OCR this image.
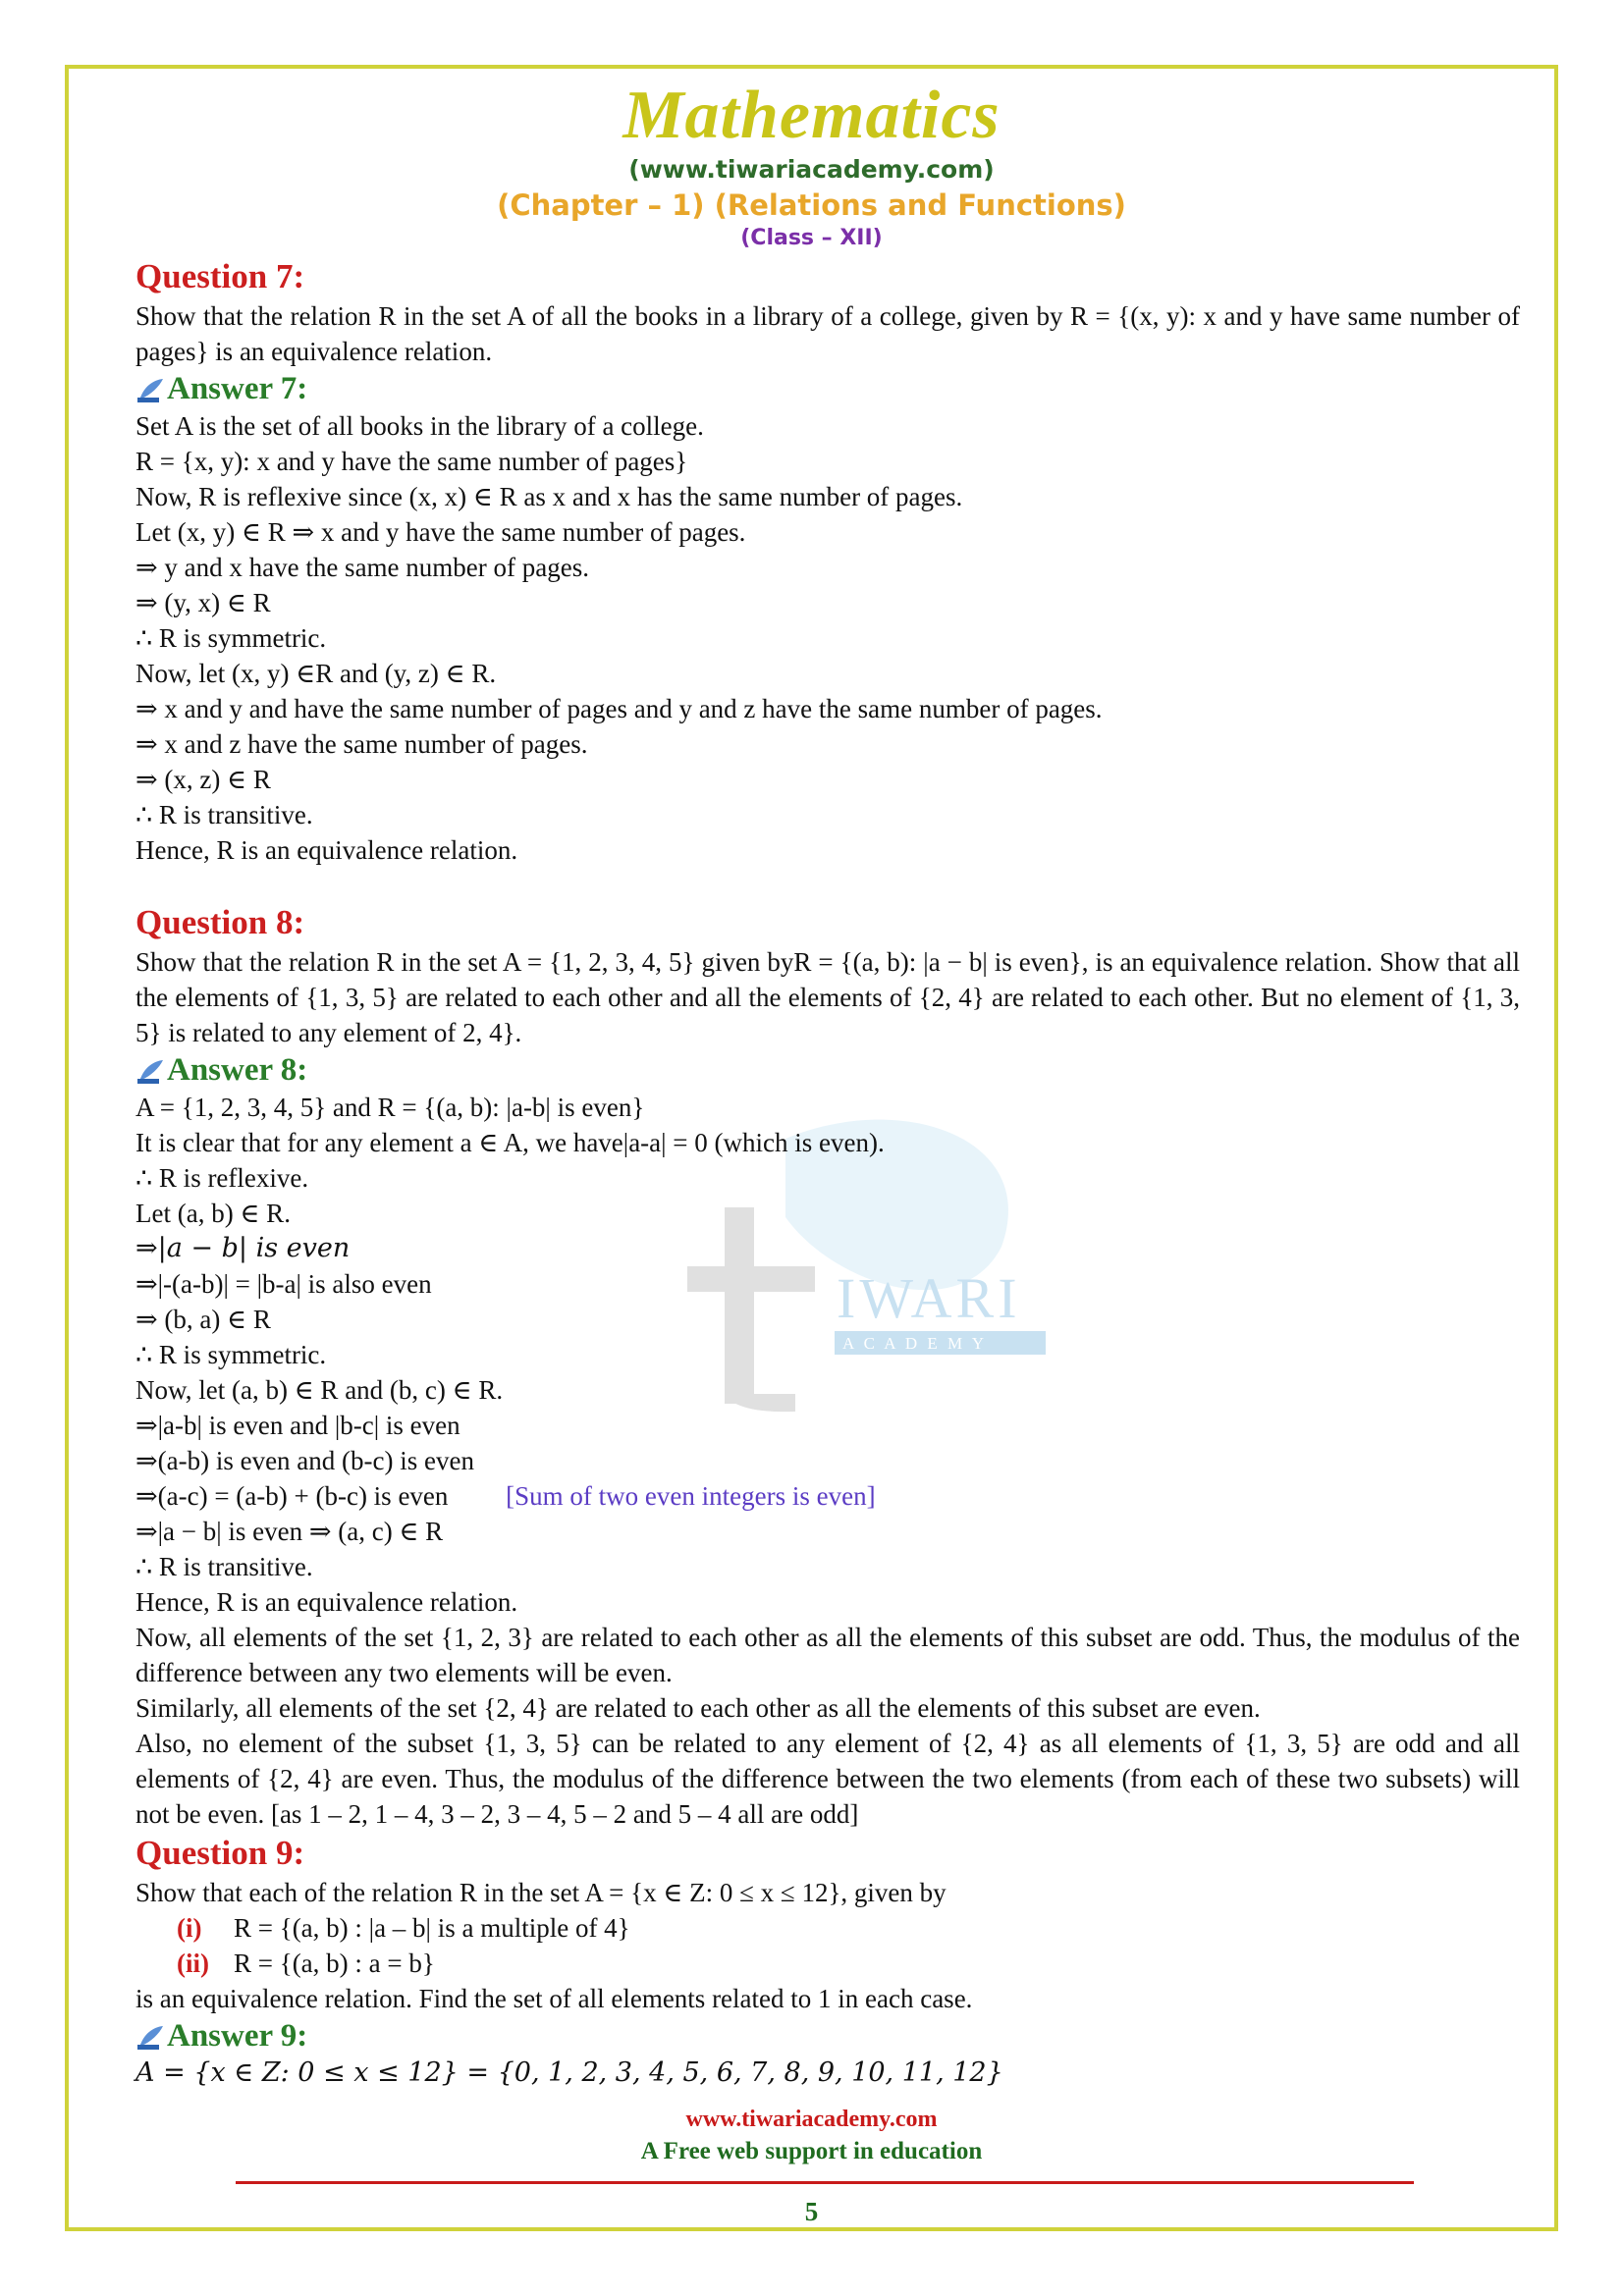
Mathematics
(www.tiwariacademy.com)
(Chapter – 1) (Relations and Functions)
(Class – XII)
IWARI
A C A D E M Y
Question 7:

Show that the relation R in the set A of all the books in a library of a college, given by R = {(x, y): x and y have same number of pages} is an equivalence relation.

Answer 7:

Set A is the set of all books in the library of a college.

R = {x, y): x and y have the same number of pages}

Now, R is reflexive since (x, x) ∈ R as x and x has the same number of pages.

Let (x, y) ∈ R ⇒ x and y have the same number of pages.

⇒ y and x have the same number of pages.

⇒ (y, x) ∈ R

∴ R is symmetric.

Now, let (x, y) ∈R and (y, z) ∈ R.

⇒ x and y and have the same number of pages and y and z have the same number of pages.

⇒ x and z have the same number of pages.

⇒ (x, z) ∈ R

∴ R is transitive.

Hence, R is an equivalence relation.

Question 8:

Show that the relation R in the set A = {1, 2, 3, 4, 5} given byR = {(a, b): |a − b| is even}, is an equivalence relation. Show that all the elements of {1, 3, 5} are related to each other and all the elements of {2, 4} are related to each other. But no element of {1, 3, 5} is related to any element of 2, 4}.

Answer 8:

A = {1, 2, 3, 4, 5} and R = {(a, b): |a-b| is even}

It is clear that for any element a ∈ A, we have|a-a| = 0 (which is even).

∴ R is reflexive.

Let (a, b) ∈ R.

⇒|a − b| is even

⇒|-(a-b)| = |b-a| is also even

⇒ (b, a) ∈ R

∴ R is symmetric.

Now, let (a, b) ∈ R and (b, c) ∈ R.

⇒|a-b| is even and |b-c| is even

⇒(a-b) is even and (b-c) is even

⇒(a-c) = (a-b) + (b-c) is even [Sum of two even integers is even]

⇒|a − b| is even ⇒ (a, c) ∈ R

∴ R is transitive.

Hence, R is an equivalence relation.

Now, all elements of the set {1, 2, 3} are related to each other as all the elements of this subset are odd. Thus, the modulus of the difference between any two elements will be even.

Similarly, all elements of the set {2, 4} are related to each other as all the elements of this subset are even.

Also, no element of the subset {1, 3, 5} can be related to any element of {2, 4} as all elements of {1, 3, 5} are odd and all elements of {2, 4} are even. Thus, the modulus of the difference between the two elements (from each of these two subsets) will not be even. [as 1 – 2, 1 – 4, 3 – 2, 3 – 4, 5 – 2 and 5 – 4 all are odd]

Question 9:

Show that each of the relation R in the set A = {x ∈ Z: 0 ≤ x ≤ 12}, given by

(i) R = {(a, b) : |a – b| is a multiple of 4}

(ii) R = {(a, b) : a = b}

is an equivalence relation. Find the set of all elements related to 1 in each case.

Answer 9:

A = {x ∈ Z: 0 ≤ x ≤ 12} = {0, 1, 2, 3, 4, 5, 6, 7, 8, 9, 10, 11, 12}

www.tiwariacademy.com
A Free web support in education
5
